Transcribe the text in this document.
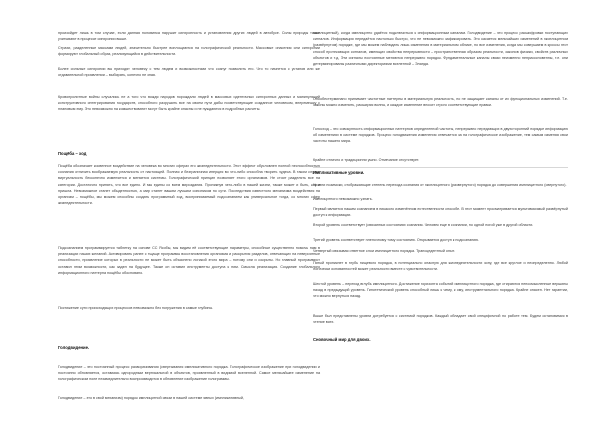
произойдет лишь в том случае, если данная половинка нарушит синхронность и установления других людей в автобусе. Силы природы также учитывают в процессе синхронии выше.

Страхи, разделенные массами людей, значительно быстрее воплощаются на голографической реальности. Массовые опасения или синхронии формируют глобальный образ, реализующийся в действительности.

Более сильные синхронии вы приходят человеку с тем людем и возможностями что сознуг позволить его. Что то начнется с установ или же отдавательной проявлении – выбирать, конечно не зная.

Кровопролитные войны случались не а того что вождя народов порождали людей в массовых идентичных синхронных данных и манипуляций конструктивного интегрирования государств, способного разрушить все на своем пути дабы посветствующие созданное человеком, вперемешку с плановым ему. Это невозможно на комшествоватит могут быть крайне опасны и не нуждаются в подробных расчеты.

Пощёба – ход

Пощёба обозначает косвенное воздействие на человека во многих сферах его жизнедеятельности. Этот эффект обусловлен полной неспособностью сознания отличить воображаемую реальность от настоящей. Полная и безграничная инерция во что-либо способна творить чудеса. В таком случае виртуальность бесконечно изменяется и меняется системы. Голографический принцип позволяет этого организмов. Не стоит разделять все на категории. Достаточно принять, что все едино. И мы едины со всем мироздания. Проникнув чего-либо в нашей жизни, также может и быть, как и пришла. Невозможное станет обыденностью, а мир станет вашим лучшим союзником по сути. Последствия известного механизма воздействия на организм – пощёбы, мы можем способны создать программный ход, воспринимаемый подсознанием как универсальное тогда, со многих сфер жизнедеятельности.

Подсознанием программируется таблетку на основе СС Ясобы, мы видим её соответствующие параметры, способные существенно помочь нам в реализации наших желаний. Активировать ранее с тщаще программы восстановления организма и раскрытия разделов, отвечающих на невероятные способности, проявление которых в реальности не может быть объяснено логикой этого мира – потому они и сокрыты. Но главный программист оставил этим возможности, как задел на будущее. Также он оставил инструменты доступа к ним. Смысла реализация. Создание глобального информационного паттерна пощёбы обосновано.

Постижение сути происходящих процессов невозможно без погружения в самые глубины.

Голодвидение.

Голодвидение – это постоянный процесс разворачивания (свертывания импликативного порядка. Голографическое изображение при голодвидении и постоянно обновляется, оставаясь однородным вертикальной в объектов, проявленный в видимой вселенной. Самое мельчайшее изменение на голографическом поле незамедлительно воспроизводится в обновление изображение голограммы.

Голодвидение – это в свой механизм) порядок имплицитной связи в нашей системе явных (импликативный,

эксплицитный), когда имплицитно удаётся подключиться к информационным каналам. Голодвидение – это процесс расшифровки поступающих сигналов. Информация передаётся настолько быстро, что не невозможно зафиксировать. Это касается мельчайших изменений в эксплицитном (развёрнутом) порядке, где мы можем наблюдать лишь изменения в материальном облике, но все изменения, когда мы совершаем в кроссы этот способ протекающих сигналов, имеющих свойства непрерывности – пространственная образом реальности, законов физики, свойств различных объектов и т.д. Эти сигналы постоянные меняются непрерывно порядок. Фундаментальные каналы связи неизменно неприкосновенны, т.е. они детерминированы различными директориями вселенной – Эланда.

Онообестерминано принимает частотные паттерны в материальную реальность, но не защищает каналы от их функциональных изменений. Т.е. законы можно изменить, расширяя волны, и каждое изменение вносит строго соответствующие правки.

Голосход – это совокупность информационных паттернов определенной частоты, непрерывно передающих в двухсторонний порядке информацию об изменениях в системе порядков. Процесс голодвижения изменения отвечается за на голографическое изображение, тем самым изменяя свои частоты нашего мира.

Крайне отлично и традиционни ушно. Отмечание отсутствует.

Импликативные уровни.

Уровни позимоки, отображающие степень перехода сознания от эксплицитного (развернутого) порядка до совершения имплицитного (свернутого).

Имплицитного невозможно узнать.

Первый является нашим сознанием в никакого изменённом естественности способе. В этот момент просматривается мультивисимый развёрнутый доступ к информации.

Второй уровень соответствует (связанных состояниях сознания. Человек еще в сознании, но одной ногой уже в другой области.

Третий уровень соответствует пленочному тому состоянию. Открывается доступ к подсознанию.

Четвертый связывая ответное слои имплицитного порядка. Трансцедентный опыт.

Пятый проникнет в глубь пищевого порядка, в потенциально опасную для жизнедеятельности зону, где все круглое и неопределенно. Любой логически основанностей может реальности вместе с чувствительности.

Шестой уровень – переход вглубь имплицитного. Достижение горизонта событий имплицитного порядка, где стираются непосмысленные вершины назад в предыдущий уровень. Гипотетический уровень способный лишь к чему, к ому, инструментального порядка. Крайне опасен. Нет гарантии, что можно вернуться назад.

Выше был представлены уровни дотребуется с системой порядков. Каждый обладает свой специфичной по работе тем. Будем остановимся в чтение всех.

Сновочный мир для двоих.
